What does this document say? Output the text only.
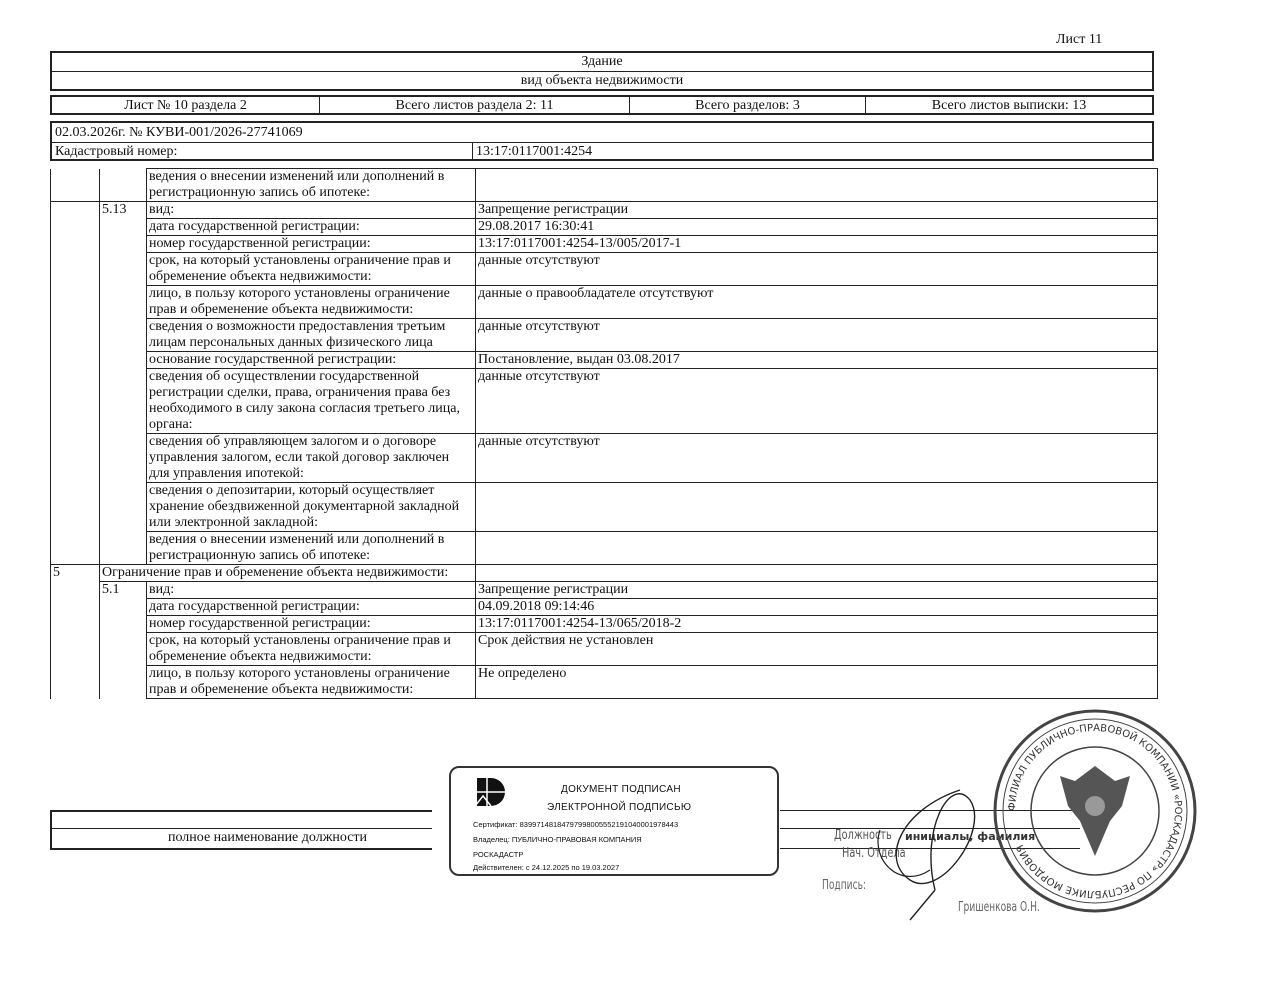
Лист 11
Здание
вид объекта недвижимости
Лист № 10 раздела 2	Всего листов раздела 2: 11	Всего разделов: 3	Всего листов выписки: 13
02.03.2026г. № КУВИ-001/2026-27741069
Кадастровый номер:	13:17:0117001:4254
		ведения о внесении изменений или дополнений в регистрационную запись об ипотеке:	
	5.13	вид:	Запрещение регистрации
		дата государственной регистрации:	29.08.2017 16:30:41
		номер государственной регистрации:	13:17:0117001:4254-13/005/2017-1
		срок, на который установлены ограничение прав и обременение объекта недвижимости:	данные отсутствуют
		лицо, в пользу которого установлены ограничение прав и обременение объекта недвижимости:	данные о правообладателе отсутствуют
		сведения о возможности предоставления третьим лицам персональных данных физического лица	данные отсутствуют
		основание государственной регистрации:	Постановление, выдан 03.08.2017
		сведения об осуществлении государственной регистрации сделки, права, ограничения права без необходимого в силу закона согласия третьего лица, органа:	данные отсутствуют
		сведения об управляющем залогом и о договоре управления залогом, если такой договор заключен для управления ипотекой:	данные отсутствуют
		сведения о депозитарии, который осуществляет хранение обездвиженной документарной закладной или электронной закладной:	
		ведения о внесении изменений или дополнений в регистрационную запись об ипотеке:	
5	Ограничение прав и обременение объекта недвижимости:		
	5.1	вид:	Запрещение регистрации
		дата государственной регистрации:	04.09.2018 09:14:46
		номер государственной регистрации:	13:17:0117001:4254-13/065/2018-2
		срок, на который установлены ограничение прав и обременение объекта недвижимости:	Срок действия не установлен
		лицо, в пользу которого установлены ограничение прав и обременение объекта недвижимости:	Не определено
полное наименование должности
ДОКУМЕНТ ПОДПИСАН
ЭЛЕКТРОННОЙ ПОДПИСЬЮ
Сертификат: 83997148184797998005552191040001978443
Владелец: ПУБЛИЧНО-ПРАВОВАЯ КОМПАНИЯ
РОСКАДАСТР
Действителен: с 24.12.2025 по 19.03.2027
Должность инициалы, фамилия
Нач. Отдела
Подпись:
Гришенкова О.Н.
ФИЛИАЛ ПУБЛИЧНО-ПРАВОВОЙ КОМПАНИИ «РОСКАДАСТР» ПО РЕСПУБЛИКЕ МОРДОВИЯ
